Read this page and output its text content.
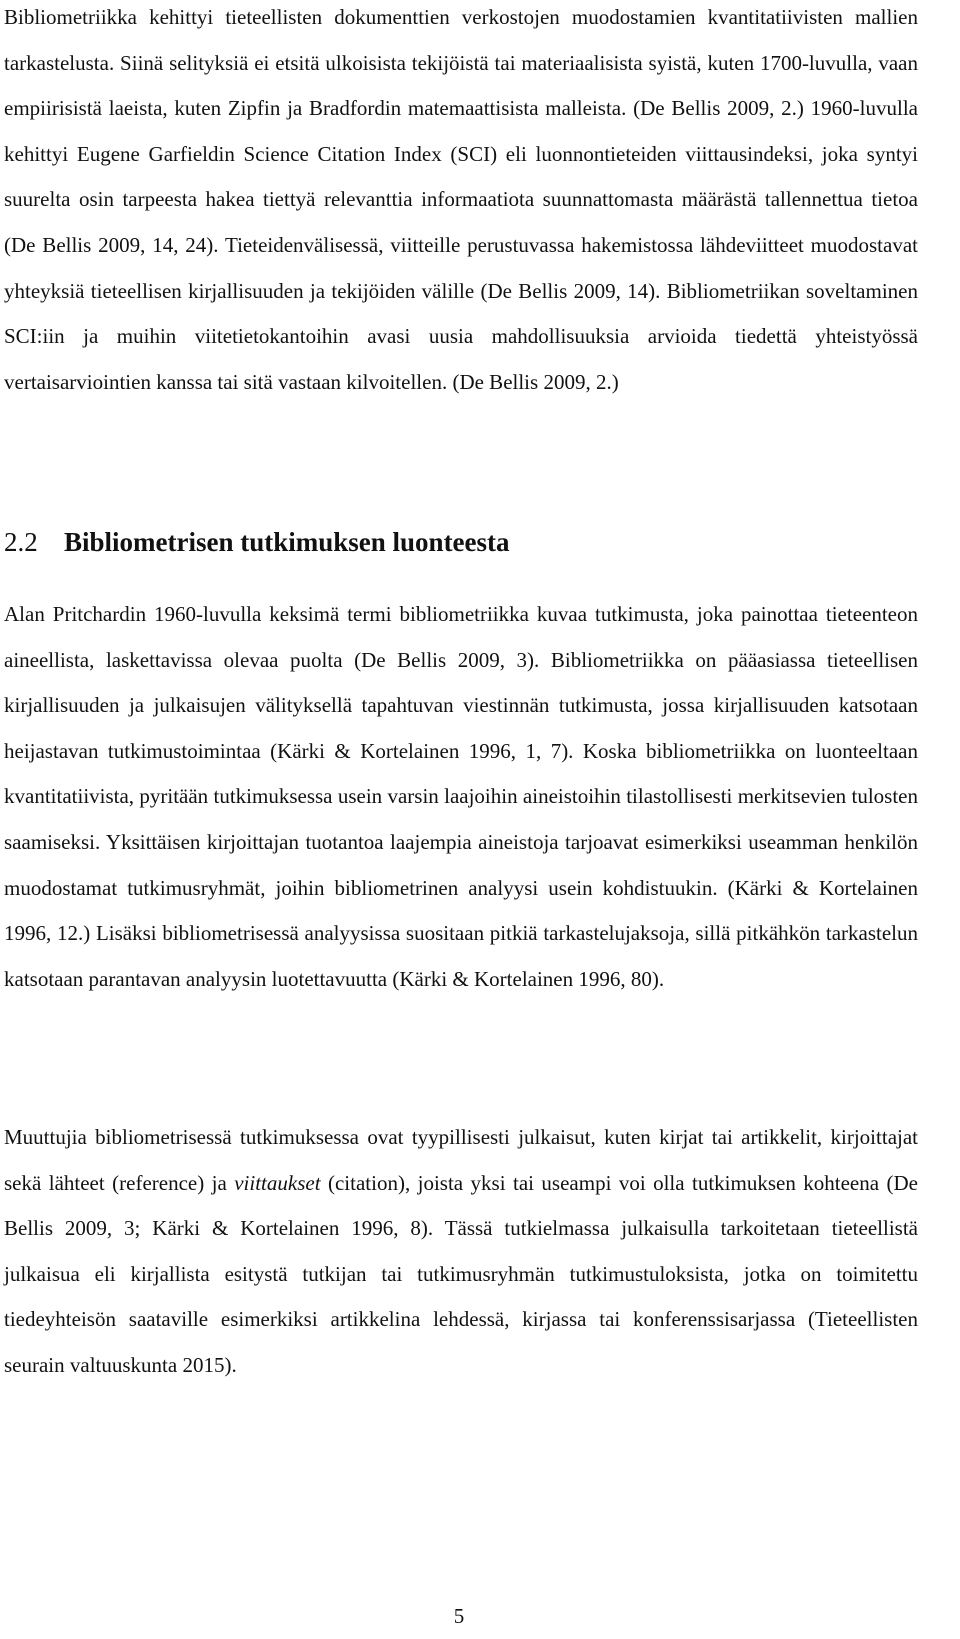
Bibliometriikka kehittyi tieteellisten dokumenttien verkostojen muodostamien kvantitatiivisten mallien tarkastelusta. Siinä selityksiä ei etsitä ulkoisista tekijöistä tai materiaalisista syistä, kuten 1700-luvulla, vaan empiirisistä laeista, kuten Zipfin ja Bradfordin matemaattisista malleista. (De Bellis 2009, 2.) 1960-luvulla kehittyi Eugene Garfieldin Science Citation Index (SCI) eli luonnontieteiden viittausindeksi, joka syntyi suurelta osin tarpeesta hakea tiettyä relevanttia informaatiota suunnattomasta määrästä tallennettua tietoa (De Bellis 2009, 14, 24). Tieteidenvälisessä, viitteille perustuvassa hakemistossa lähdeviitteet muodostavat yhteyksiä tieteellisen kirjallisuuden ja tekijöiden välille (De Bellis 2009, 14). Bibliometriikan soveltaminen SCI:iin ja muihin viitetietokantoihin avasi uusia mahdollisuuksia arvioida tiedettä yhteistyössä vertaisarviointien kanssa tai sitä vastaan kilvoitellen. (De Bellis 2009, 2.)

2.2 Bibliometrisen tutkimuksen luonteesta

Alan Pritchardin 1960-luvulla keksimä termi bibliometriikka kuvaa tutkimusta, joka painottaa tieteenteon aineellista, laskettavissa olevaa puolta (De Bellis 2009, 3). Bibliometriikka on pääasiassa tieteellisen kirjallisuuden ja julkaisujen välityksellä tapahtuvan viestinnän tutkimusta, jossa kirjallisuuden katsotaan heijastavan tutkimustoimintaa (Kärki & Kortelainen 1996, 1, 7). Koska bibliometriikka on luonteeltaan kvantitatiivista, pyritään tutkimuksessa usein varsin laajoihin aineistoihin tilastollisesti merkitsevien tulosten saamiseksi. Yksittäisen kirjoittajan tuotantoa laajempia aineistoja tarjoavat esimerkiksi useamman henkilön muodostamat tutkimusryhmät, joihin bibliometrinen analyysi usein kohdistuukin. (Kärki & Kortelainen 1996, 12.) Lisäksi bibliometrisessä analyysissa suositaan pitkiä tarkastelujaksoja, sillä pitkähkön tarkastelun katsotaan parantavan analyysin luotettavuutta (Kärki & Kortelainen 1996, 80).

Muuttujia bibliometrisessä tutkimuksessa ovat tyypillisesti julkaisut, kuten kirjat tai artikkelit, kirjoittajat sekä lähteet (reference) ja viittaukset (citation), joista yksi tai useampi voi olla tutkimuksen kohteena (De Bellis 2009, 3; Kärki & Kortelainen 1996, 8). Tässä tutkielmassa julkaisulla tarkoitetaan tieteellistä julkaisua eli kirjallista esitystä tutkijan tai tutkimusryhmän tutkimustuloksista, jotka on toimitettu tiedeyhteisön saataville esimerkiksi artikkelina lehdessä, kirjassa tai konferenssisarjassa (Tieteellisten seurain valtuuskunta 2015).

5
